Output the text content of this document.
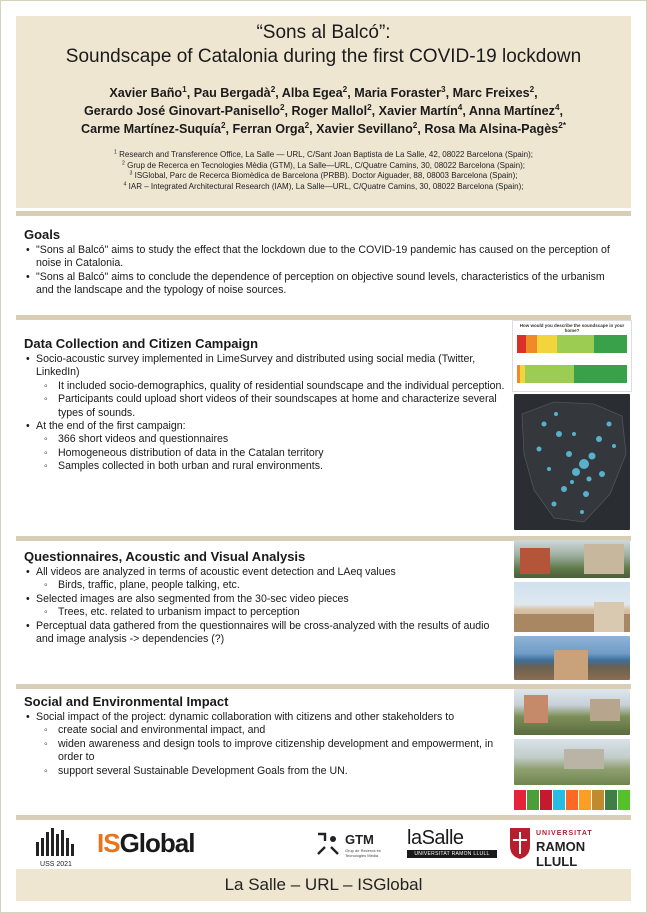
“Sons al Balcó”:
Soundscape of Catalonia during the first COVID-19 lockdown
Xavier Baño$^1$, Pau Bergadà$^2$, Alba Egea$^2$, Maria Foraster$^3$, Marc Freixes$^2$,
Gerardo José Ginovart-Panisello$^2$, Roger Mallol$^2$, Xavier Martín$^4$, Anna Martínez$^4$,
Carme Martínez-Suquía$^2$, Ferran Orga$^2$, Xavier Sevillano$^2$, Rosa Ma Alsina-Pagès$^{2*}$
$^1$ Research and Transference Office, La Salle — URL, C/Sant Joan Baptista de La Salle, 42, 08022 Barcelona (Spain);
$^2$ Grup de Recerca en Tecnologies Mèdia (GTM), La Salle—URL, C/Quatre Camins, 30, 08022 Barcelona (Spain);
$^3$ ISGlobal, Parc de Recerca Biomèdica de Barcelona (PRBB). Doctor Aiguader, 88, 08003 Barcelona (Spain);
$^4$ IAR – Integrated Architectural Research (IAM), La Salle—URL, C/Quatre Camins, 30, 08022 Barcelona (Spain);
Goals
• "Sons al Balcó" aims to study the effect that the lockdown due to the COVID-19 pandemic has caused on the perception of noise in Catalonia.
• "Sons al Balcó" aims to conclude the dependence of perception on objective sound levels, characteristics of the urbanism and the landscape and the typology of noise sources.
Data Collection and Citizen Campaign
• Socio-acoustic survey implemented in LimeSurvey and distributed using social media (Twitter, LinkedIn)
◦ It included socio-demographics, quality of residential soundscape and the individual perception.
◦ Participants could upload short videos of their soundscapes at home and characterize several types of sounds.
• At the end of the first campaign:
◦ 366 short videos and questionnaires
◦ Homogeneous distribution of data in the Catalan territory
◦ Samples collected in both urban and rural environments.
How would you describe the soundscape in your home?
Questionnaires, Acoustic and Visual Analysis
• All videos are analyzed in terms of acoustic event detection and LAeq values
◦ Birds, traffic, plane, people talking, etc.
• Selected images are also segmented from the 30-sec video pieces
◦ Trees, etc. related to urbanism impact to perception
• Perceptual data gathered from the questionnaires will be cross-analyzed with the results of audio and image analysis -> dependencies (?)
Social and Environmental Impact
• Social impact of the project: dynamic collaboration with citizens and other stakeholders to
◦ create social and environmental impact, and
◦ widen awareness and design tools to improve citizenship development and empowerment, in order to
◦ support several Sustainable Development Goals from the UN.
USS 2021
ISGlobal	GTM
Grup de Recerca en Tecnologies Mèdia
laSalle
UNIVERSITAT RAMON LLULL
UNIVERSITAT
RAMON LLULL
La Salle – URL – ISGlobal
